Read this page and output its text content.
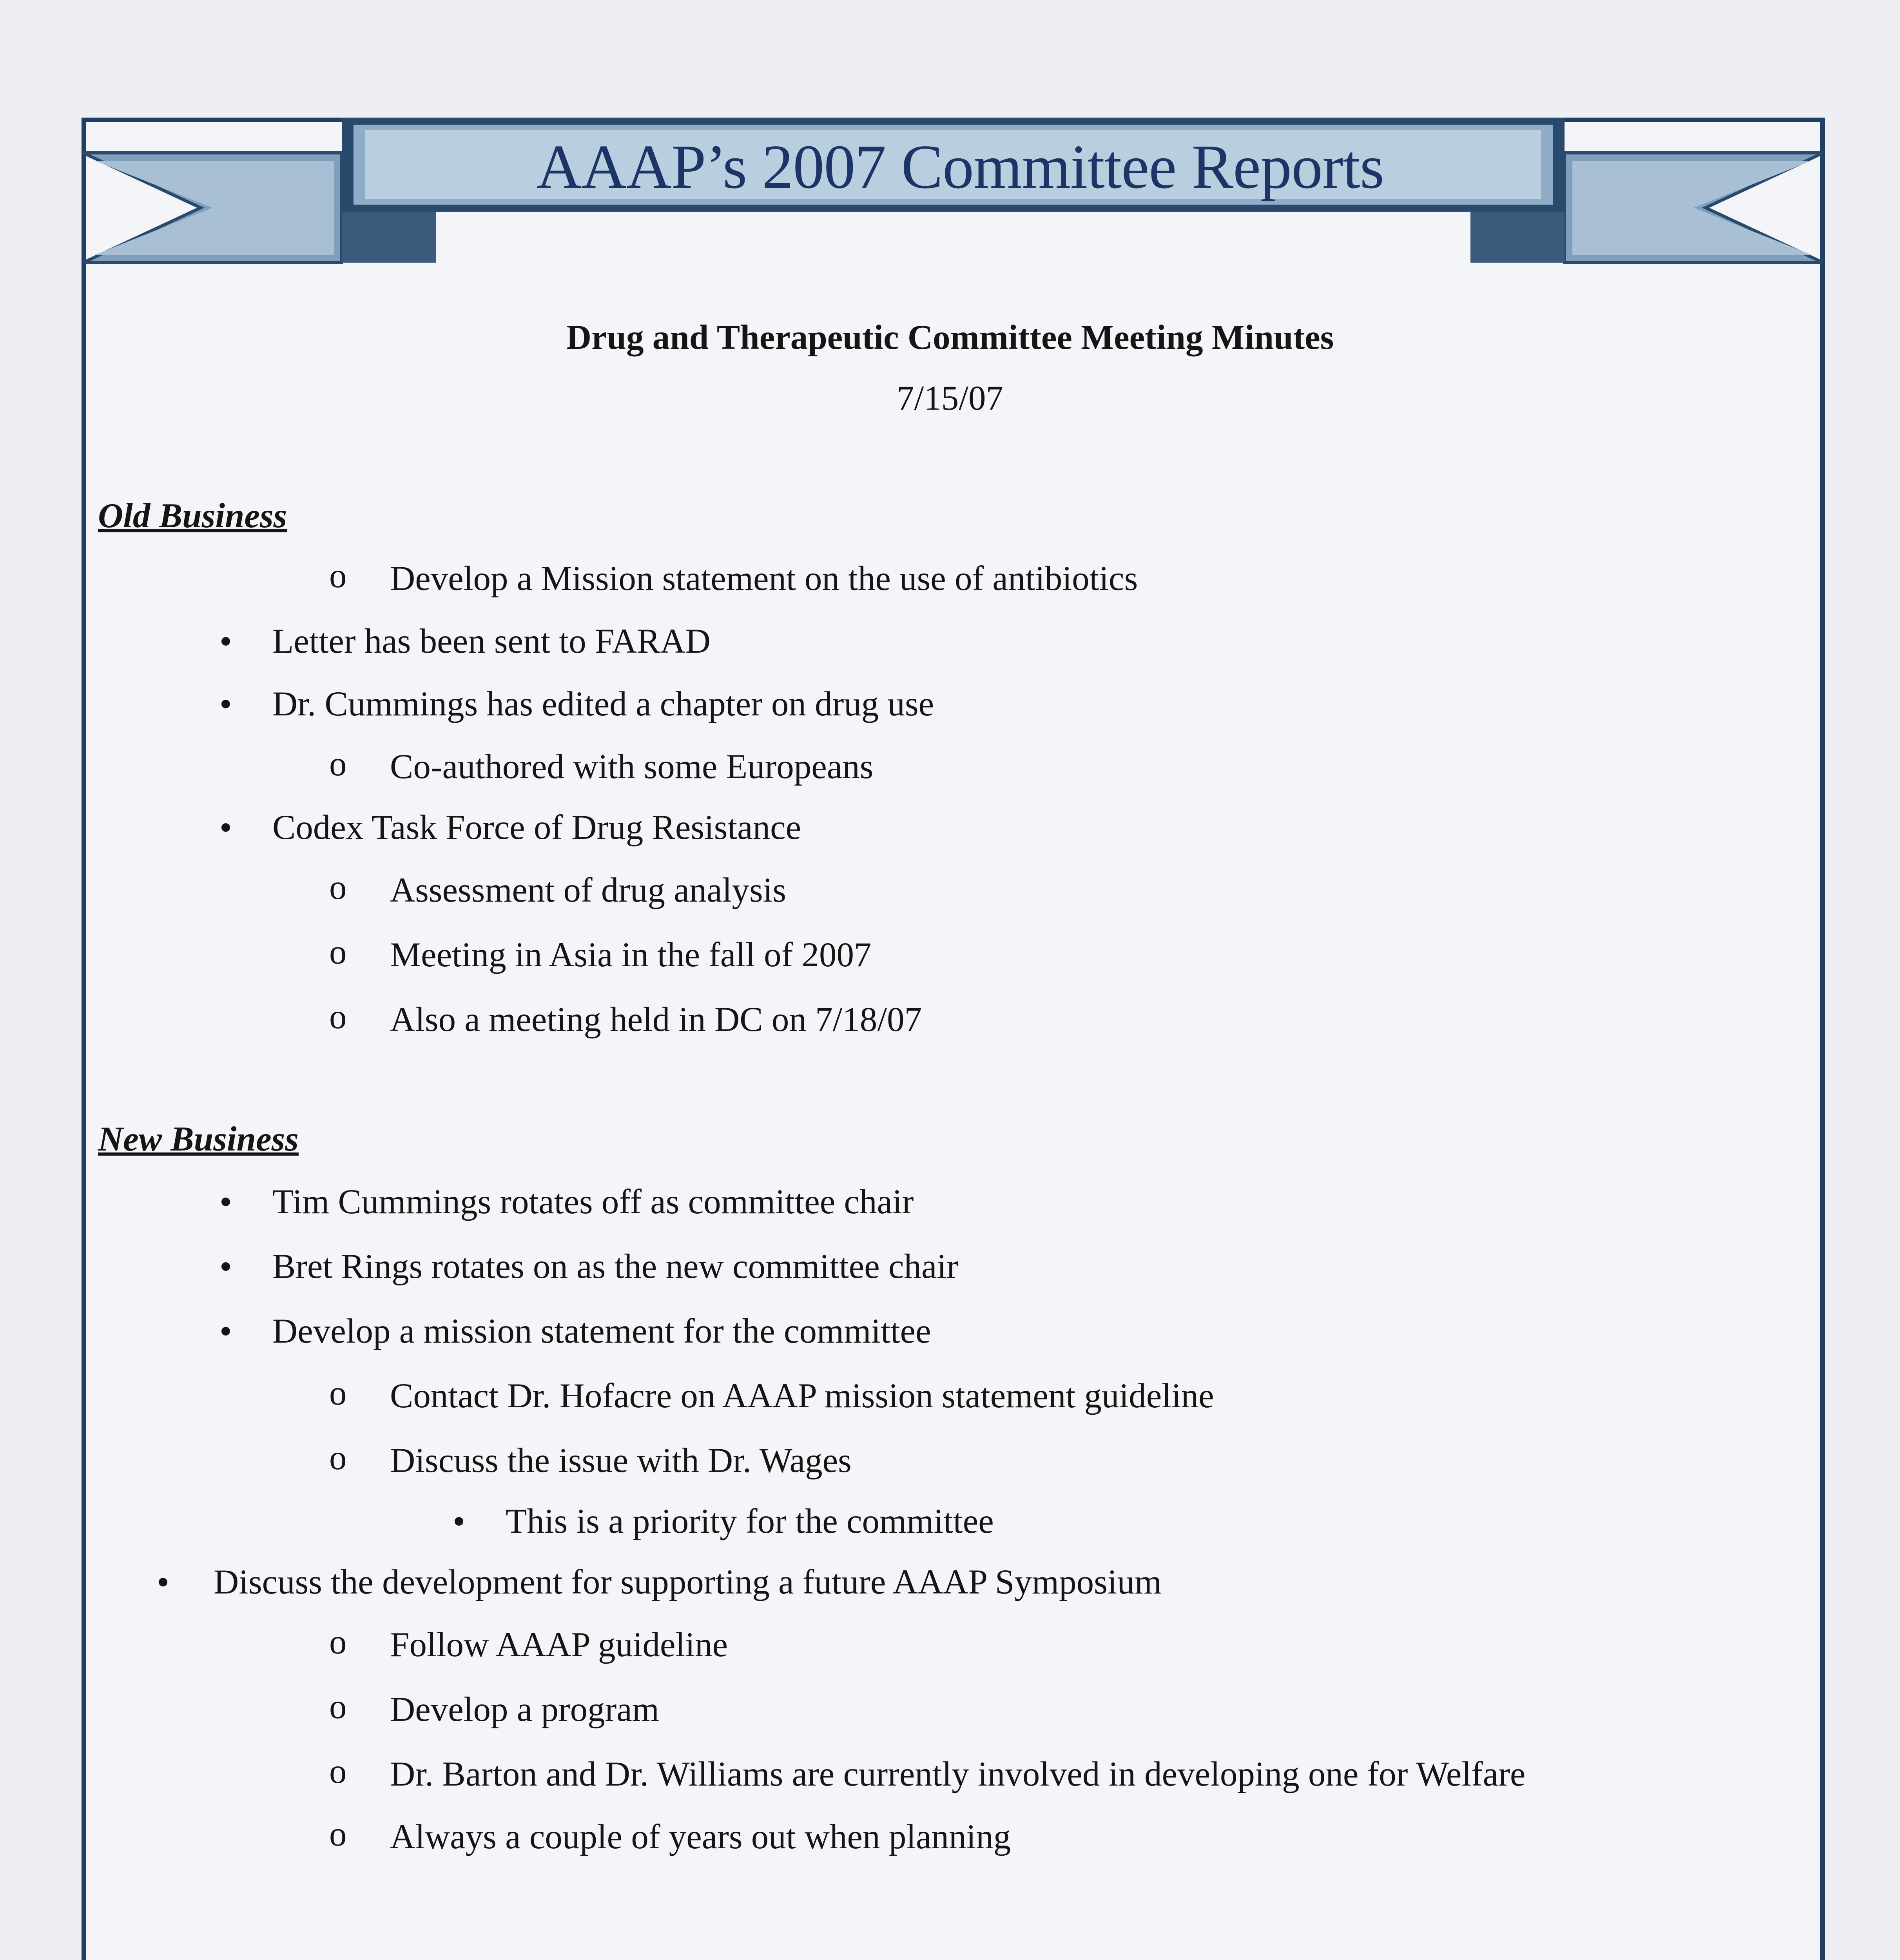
AAAP’s 2007 Committee Reports
Drug and Therapeutic Committee Meeting Minutes
7/15/07
Old Business
o Develop a Mission statement on the use of antibiotics
Letter has been sent to FARAD
Dr. Cummings has edited a chapter on drug use
o Co-authored with some Europeans
Codex Task Force of Drug Resistance
o Assessment of drug analysis
o Meeting in Asia in the fall of 2007
o Also a meeting held in DC on 7/18/07
New Business
Tim Cummings rotates off as committee chair
Bret Rings rotates on as the new committee chair
Develop a mission statement for the committee
o Contact Dr. Hofacre on AAAP mission statement guideline
o Discuss the issue with Dr. Wages
This is a priority for the committee
Discuss the development for supporting a future AAAP Symposium
o Follow AAAP guideline
o Develop a program
o Dr. Barton and Dr. Williams are currently involved in developing one for Welfare
o Always a couple of years out when planning
